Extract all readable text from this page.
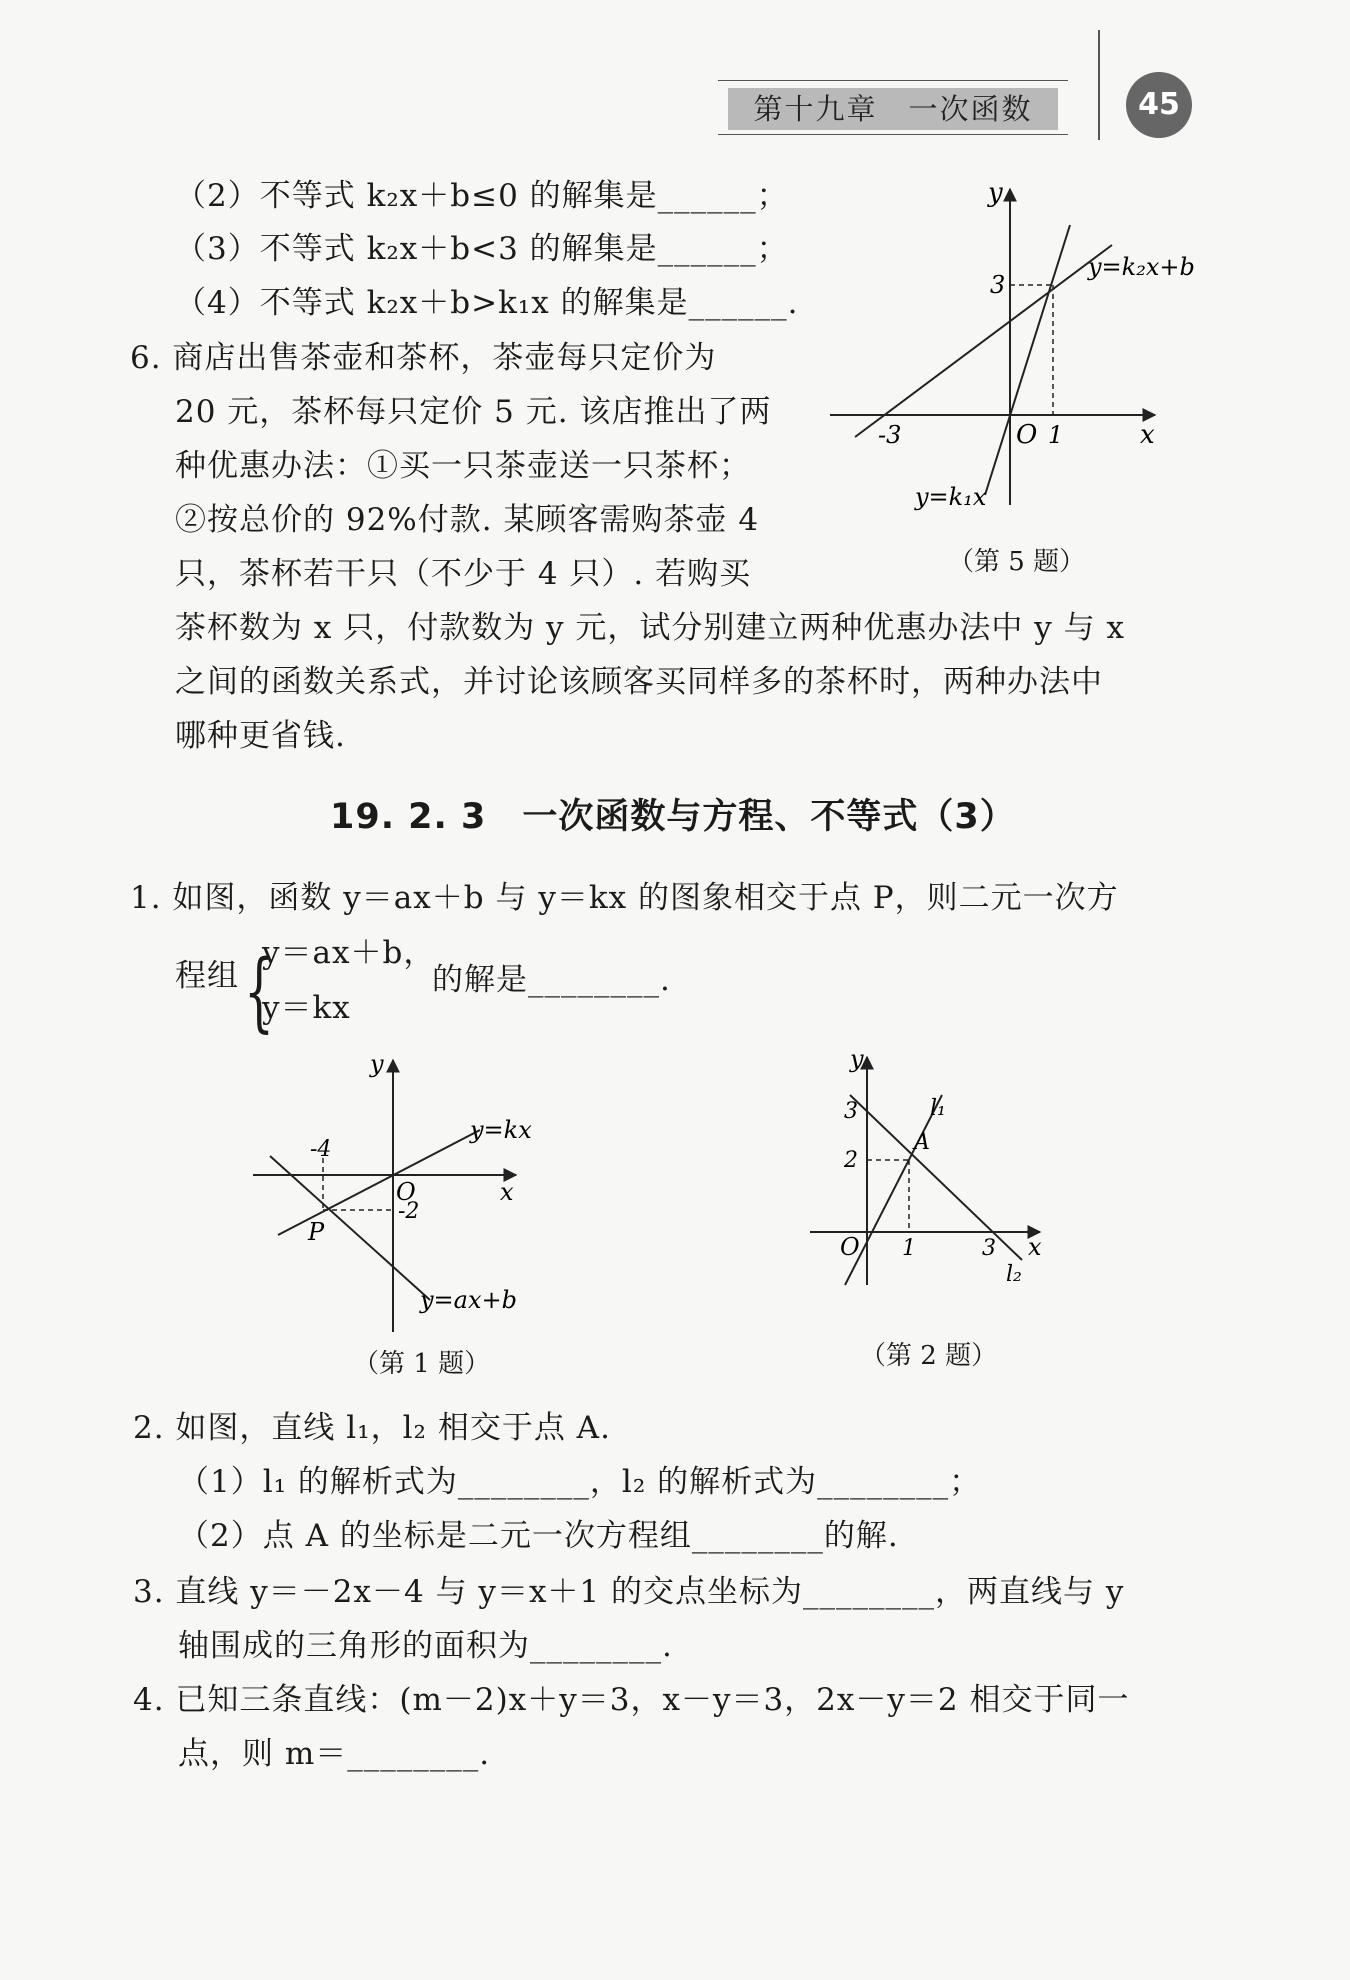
第十九章　一次函数	45
（2）不等式 k₂x＋b≤0 的解集是______；
（3）不等式 k₂x＋b<3 的解集是______；
（4）不等式 k₂x＋b>k₁x 的解集是______.
6. 商店出售茶壶和茶杯，茶壶每只定价为
20 元，茶杯每只定价 5 元. 该店推出了两
种优惠办法：①买一只茶壶送一只茶杯；
②按总价的 92%付款. 某顾客需购茶壶 4
只，茶杯若干只（不少于 4 只）. 若购买
茶杯数为 x 只，付款数为 y 元，试分别建立两种优惠办法中 y 与 x
之间的函数关系式，并讨论该顾客买同样多的茶杯时，两种办法中
哪种更省钱.
y
x
O 1
-3
3
y=k₂x+b
y=k₁x
（第 5 题）
19. 2. 3　一次函数与方程、不等式（3）
1. 如图，函数 y＝ax＋b 与 y＝kx 的图象相交于点 P，则二元一次方
程组 {
y＝ax＋b，
y＝kx
的解是________.
y
x
O
-4
-2
P
y=kx
y=ax+b
（第 1 题）
y
x
O
3
2
1	3
A
l₁
l₂
（第 2 题）
2. 如图，直线 l₁，l₂ 相交于点 A.
（1）l₁ 的解析式为________，l₂ 的解析式为________；
（2）点 A 的坐标是二元一次方程组________的解.
3. 直线 y＝－2x－4 与 y＝x＋1 的交点坐标为________，两直线与 y
轴围成的三角形的面积为________.
4. 已知三条直线：(m－2)x＋y＝3，x－y＝3，2x－y＝2 相交于同一
点，则 m＝________.
